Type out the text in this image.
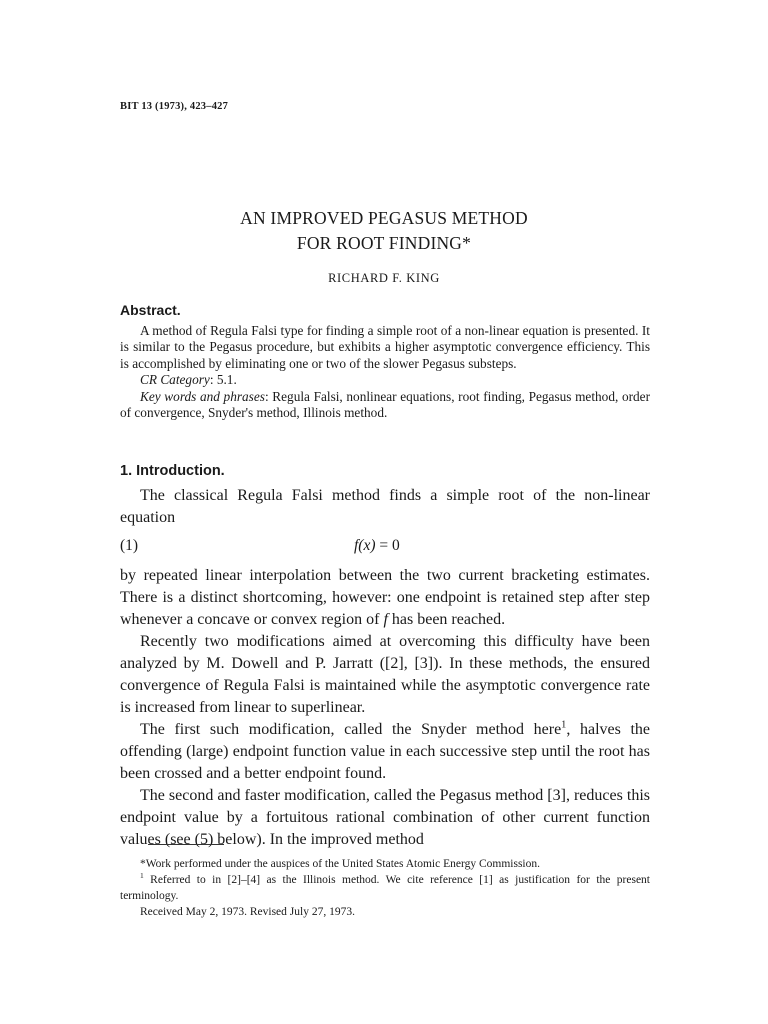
BIT 13 (1973), 423–427
AN IMPROVED PEGASUS METHOD
FOR ROOT FINDING*
RICHARD F. KING
Abstract.

A method of Regula Falsi type for finding a simple root of a non-linear equation is presented. It is similar to the Pegasus procedure, but exhibits a higher asymptotic convergence efficiency. This is accomplished by eliminating one or two of the slower Pegasus substeps.

CR Category: 5.1.

Key words and phrases: Regula Falsi, nonlinear equations, root finding, Pegasus method, order of convergence, Snyder's method, Illinois method.

1. Introduction.

The classical Regula Falsi method finds a simple root of the non-linear equation

(1)	f(x) = 0

by repeated linear interpolation between the two current bracketing estimates. There is a distinct shortcoming, however: one endpoint is retained step after step whenever a concave or convex region of f has been reached.

Recently two modifications aimed at overcoming this difficulty have been analyzed by M. Dowell and P. Jarratt ([2], [3]). In these methods, the ensured convergence of Regula Falsi is maintained while the asymptotic convergence rate is increased from linear to superlinear.

The first such modification, called the Snyder method here$^1$, halves the offending (large) endpoint function value in each successive step until the root has been crossed and a better endpoint found.

The second and faster modification, called the Pegasus method [3], reduces this endpoint value by a fortuitous rational combination of other current function values (see (5) below). In the improved method

*Work performed under the auspices of the United States Atomic Energy Commission.

$^1$ Referred to in [2]–[4] as the Illinois method. We cite reference [1] as justification for the present terminology.

Received May 2, 1973. Revised July 27, 1973.
